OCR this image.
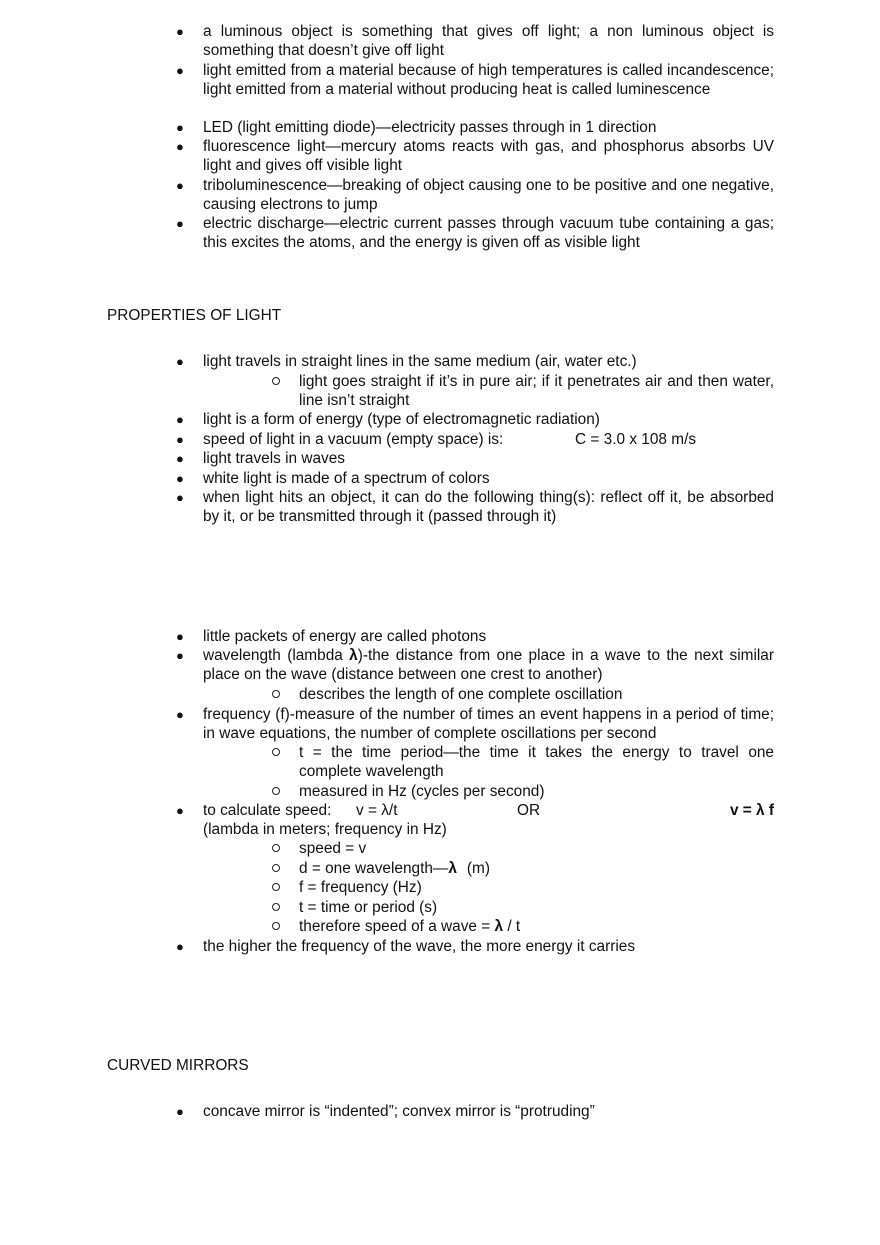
● a luminous object is something that gives off light; a non luminous object is something that doesn’t give off light
● light emitted from a material because of high temperatures is called incandescence; light emitted from a material without producing heat is called luminescence
● LED (light emitting diode)—electricity passes through in 1 direction
● fluorescence light—mercury atoms reacts with gas, and phosphorus absorbs UV light and gives off visible light
● triboluminescence—breaking of object causing one to be positive and one negative, causing electrons to jump
● electric discharge—electric current passes through vacuum tube containing a gas; this excites the atoms, and the energy is given off as visible light
PROPERTIES OF LIGHT
● light travels in straight lines in the same medium (air, water etc.)
light goes straight if it’s in pure air; if it penetrates air and then water, line isn’t straight
● light is a form of energy (type of electromagnetic radiation)
● speed of light in a vacuum (empty space) is:	C = 3.0 x 108 m/s
● light travels in waves
● white light is made of a spectrum of colors
● when light hits an object, it can do the following thing(s): reflect off it, be absorbed by it, or be transmitted through it (passed through it)
● little packets of energy are called photons
● wavelength (lambda λ)-the distance from one place in a wave to the next similar place on the wave (distance between one crest to another)
describes the length of one complete oscillation
● frequency (f)-measure of the number of times an event happens in a period of time; in wave equations, the number of complete oscillations per second
t = the time period—the time it takes the energy to travel one complete wavelength
measured in Hz (cycles per second)
● to calculate speed: v = λ/t	OR	v = λ f
(lambda in meters; frequency in Hz)
speed = v
d = one wavelength—λ (m)
f = frequency (Hz)
t = time or period (s)
therefore speed of a wave = λ / t
● the higher the frequency of the wave, the more energy it carries
CURVED MIRRORS
● concave mirror is “indented”; convex mirror is “protruding”
